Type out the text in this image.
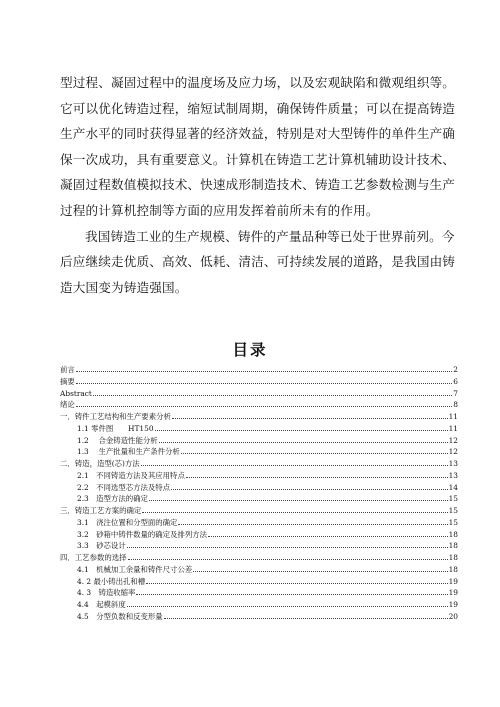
型过程、凝固过程中的温度场及应力场，以及宏观缺陷和微观组织等。它可以优化铸造过程，缩短试制周期，确保铸件质量；可以在提高铸造生产水平的同时获得显著的经济效益，特别是对大型铸件的单件生产确保一次成功，具有重要意义。计算机在铸造工艺计算机辅助设计技术、凝固过程数值模拟技术、快速成形制造技术、铸造工艺参数检测与生产过程的计算机控制等方面的应用发挥着前所未有的作用。

我国铸造工业的生产规模、铸件的产量品种等已处于世界前列。今后应继续走优质、高效、低耗、清洁、可持续发展的道路，是我国由铸造大国变为铸造强国。

目录
前言	2
摘要	6
Abstract	7
绪论	8
一．铸件工艺结构和生产要素分析	11
1.1 零件图　　HT150	11
1.2　 合金铸造性能分析	12
1.3　 生产批量和生产条件分析	12
二．铸造，造型(芯)方法	13
2.1　不同铸造方法及其应用特点	13
2.2　不同选型芯方法及特点	14
2.3　造型方法的确定	15
三．铸造工艺方案的确定	15
3.1　浇注位置和分型面的确定	15
3.2　砂箱中铸件数量的确定及排列方法	18
3.3　砂芯设计	18
四．工艺参数的选择	18
4.1　机械加工余量和铸件尺寸公差	18
4. 2 最小铸出孔和槽	19
4. 3　铸造收缩率	19
4.4　起模斜度	19
4.5　分型负数和反变形量	20
